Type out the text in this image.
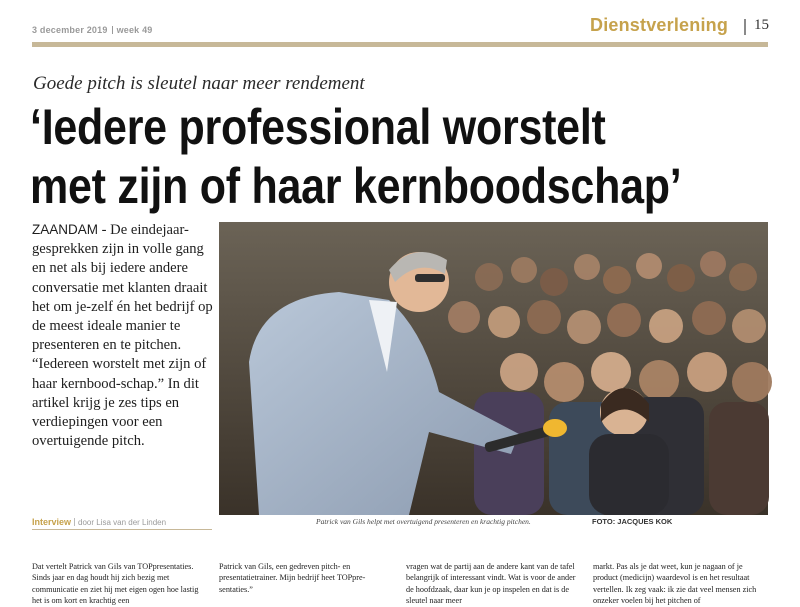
3 december 2019 week 49	Dienstverlening 15
Goede pitch is sleutel naar meer rendement
‘Iedere professional worstelt
met zijn of haar kernboodschap’
ZAANDAM - De eindejaar-gesprekken zijn in volle gang en net als bij iedere andere conversatie met klanten draait het om je-zelf én het bedrijf op de meest ideale manier te presenteren en te pitchen. “Iedereen worstelt met zijn of haar kernbood-schap.” In dit artikel krijg je zes tips en verdiepingen voor een overtuigende pitch.
Interview door Lisa van der Linden	Patrick van Gils helpt met overtuigend presenteren en krachtig pitchen.	FOTO: JACQUES KOK
Dat vertelt Patrick van Gils van TOPpresentaties. Sinds jaar en dag houdt hij zich bezig met communicatie en ziet hij met eigen ogen hoe lastig het is om kort en krachtig een
Patrick van Gils, een gedreven pitch- en presentatietrainer. Mijn bedrijf heet TOPpre-sentaties.”
vragen wat de partij aan de andere kant van de tafel belangrijk of interessant vindt. Wat is voor de ander de hoofdzaak, daar kun je op inspelen en dat is de sleutel naar meer
markt. Pas als je dat weet, kun je nagaan of je product (medicijn) waardevol is en het resultaat vertellen. Ik zeg vaak: ik zie dat veel mensen zich onzeker voelen bij het pitchen of
